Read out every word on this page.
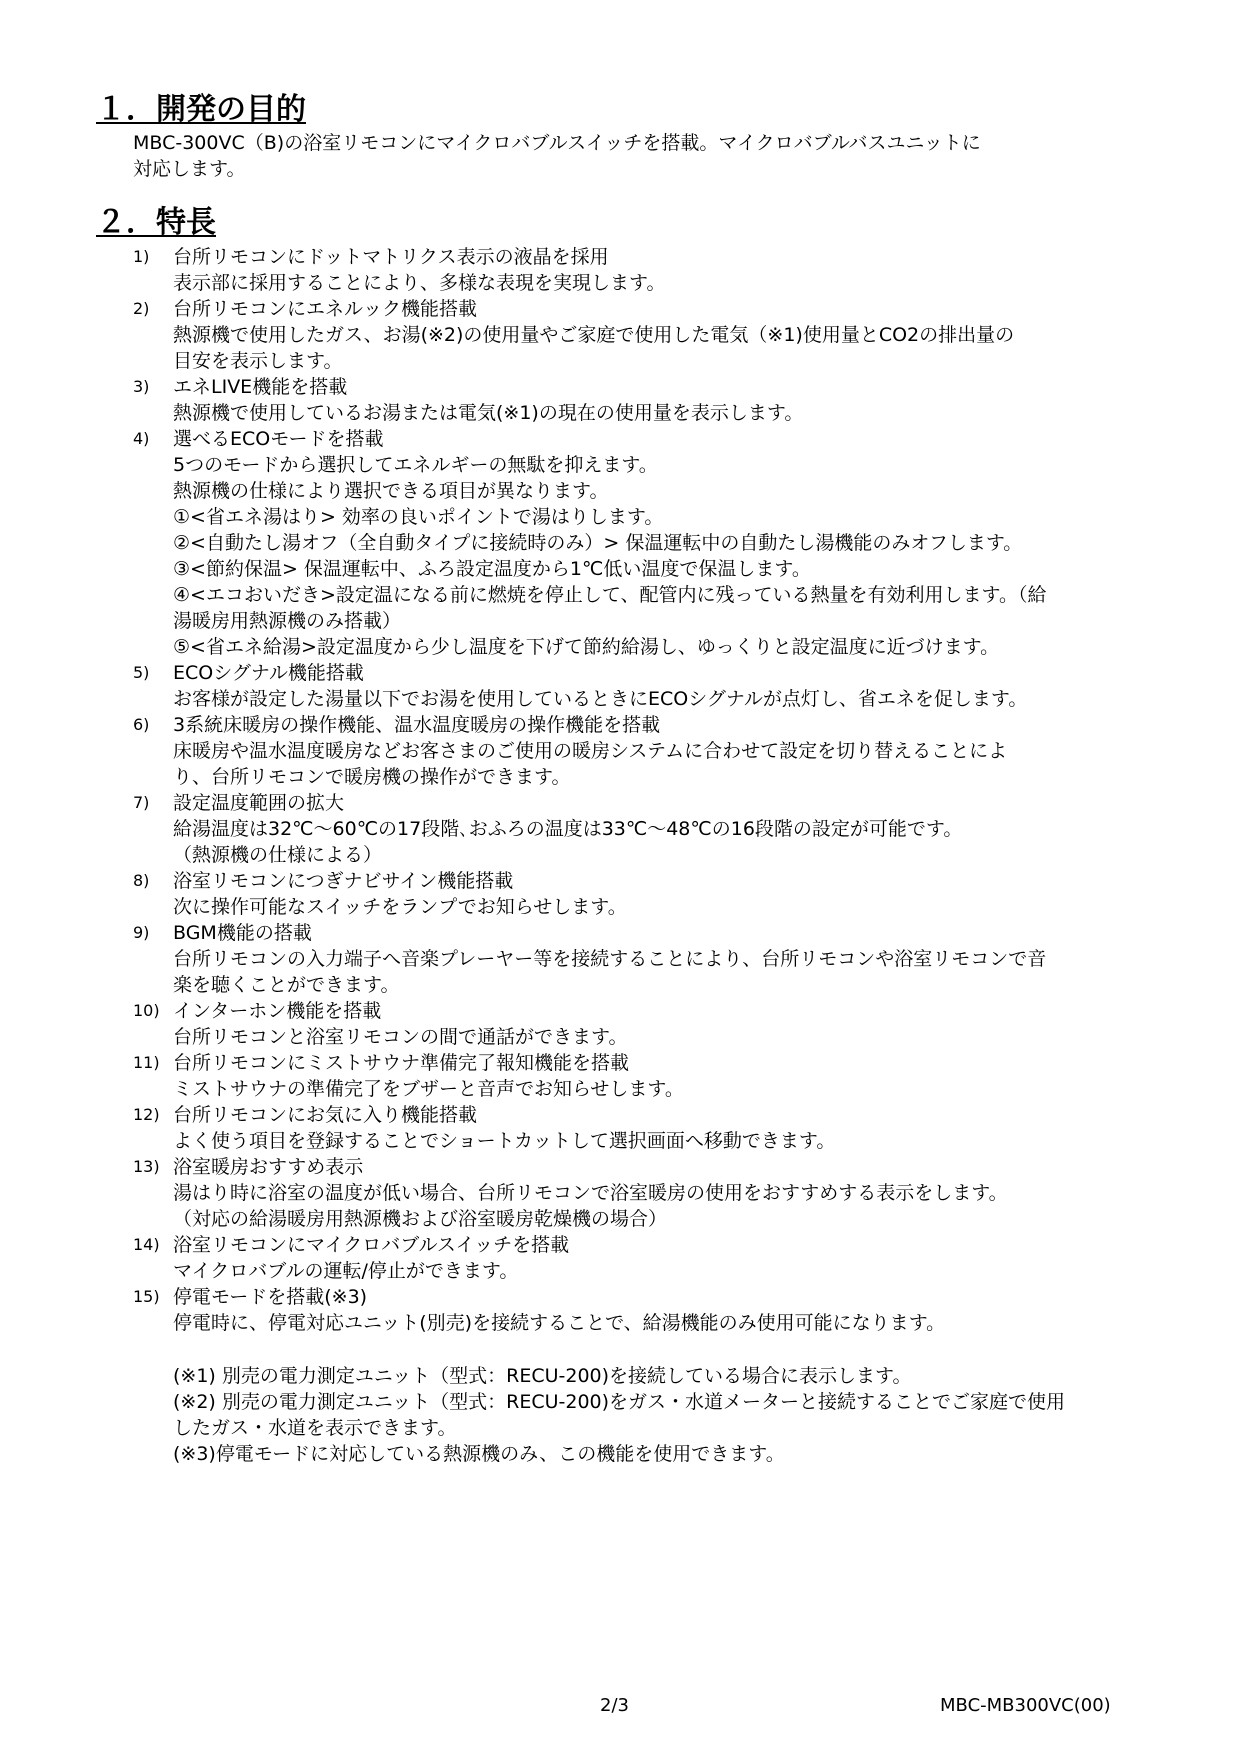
１．開発の目的

MBC-300VC（B)の浴室リモコンにマイクロバブルスイッチを搭載。マイクロバブルバスユニットに

対応します。

２．特長
1)	台所リモコンにドットマトリクス表示の液晶を採用
表示部に採用することにより、多様な表現を実現します。
2)	台所リモコンにエネルック機能搭載
熱源機で使用したガス、お湯(※2)の使用量やご家庭で使用した電気（※1)使用量とCO2の排出量の
目安を表示します。
3)	エネLIVE機能を搭載
熱源機で使用しているお湯または電気(※1)の現在の使用量を表示します。
4)	選べるECOモードを搭載
5つのモードから選択してエネルギーの無駄を抑えます。
熱源機の仕様により選択できる項目が異なります。
①<省エネ湯はり> 効率の良いポイントで湯はりします。
②<自動たし湯オフ（全自動タイプに接続時のみ）> 保温運転中の自動たし湯機能のみオフします。
③<節約保温> 保温運転中、ふろ設定温度から1℃低い温度で保温します。
④<エコおいだき>設定温になる前に燃焼を停止して、配管内に残っている熱量を有効利用します。（給
湯暖房用熱源機のみ搭載）
⑤<省エネ給湯>設定温度から少し温度を下げて節約給湯し、ゆっくりと設定温度に近づけます。
5)	ECOシグナル機能搭載
お客様が設定した湯量以下でお湯を使用しているときにECOシグナルが点灯し、省エネを促します。
6)	3系統床暖房の操作機能、温水温度暖房の操作機能を搭載
床暖房や温水温度暖房などお客さまのご使用の暖房システムに合わせて設定を切り替えることによ
り、台所リモコンで暖房機の操作ができます。
7)	設定温度範囲の拡大
給湯温度は32℃～60℃の17段階､おふろの温度は33℃～48℃の16段階の設定が可能です。
（熱源機の仕様による）
8)	浴室リモコンにつぎナビサイン機能搭載
次に操作可能なスイッチをランプでお知らせします。
9)	BGM機能の搭載
台所リモコンの入力端子へ音楽プレーヤー等を接続することにより、台所リモコンや浴室リモコンで音
楽を聴くことができます。
10) インターホン機能を搭載
台所リモコンと浴室リモコンの間で通話ができます。
11) 台所リモコンにミストサウナ準備完了報知機能を搭載
ミストサウナの準備完了をブザーと音声でお知らせします。
12) 台所リモコンにお気に入り機能搭載
よく使う項目を登録することでショートカットして選択画面へ移動できます。
13) 浴室暖房おすすめ表示
湯はり時に浴室の温度が低い場合、台所リモコンで浴室暖房の使用をおすすめする表示をします。
（対応の給湯暖房用熱源機および浴室暖房乾燥機の場合）
14) 浴室リモコンにマイクロバブルスイッチを搭載
マイクロバブルの運転/停止ができます。
15) 停電モードを搭載(※3)
停電時に、停電対応ユニット(別売)を接続することで、給湯機能のみ使用可能になります。
(※1) 別売の電力測定ユニット（型式：RECU-200)を接続している場合に表示します。
(※2) 別売の電力測定ユニット（型式：RECU-200)をガス・水道メーターと接続することでご家庭で使用
したガス・水道を表示できます。
(※3)停電モードに対応している熱源機のみ、この機能を使用できます。
2/3	MBC-MB300VC(00)
